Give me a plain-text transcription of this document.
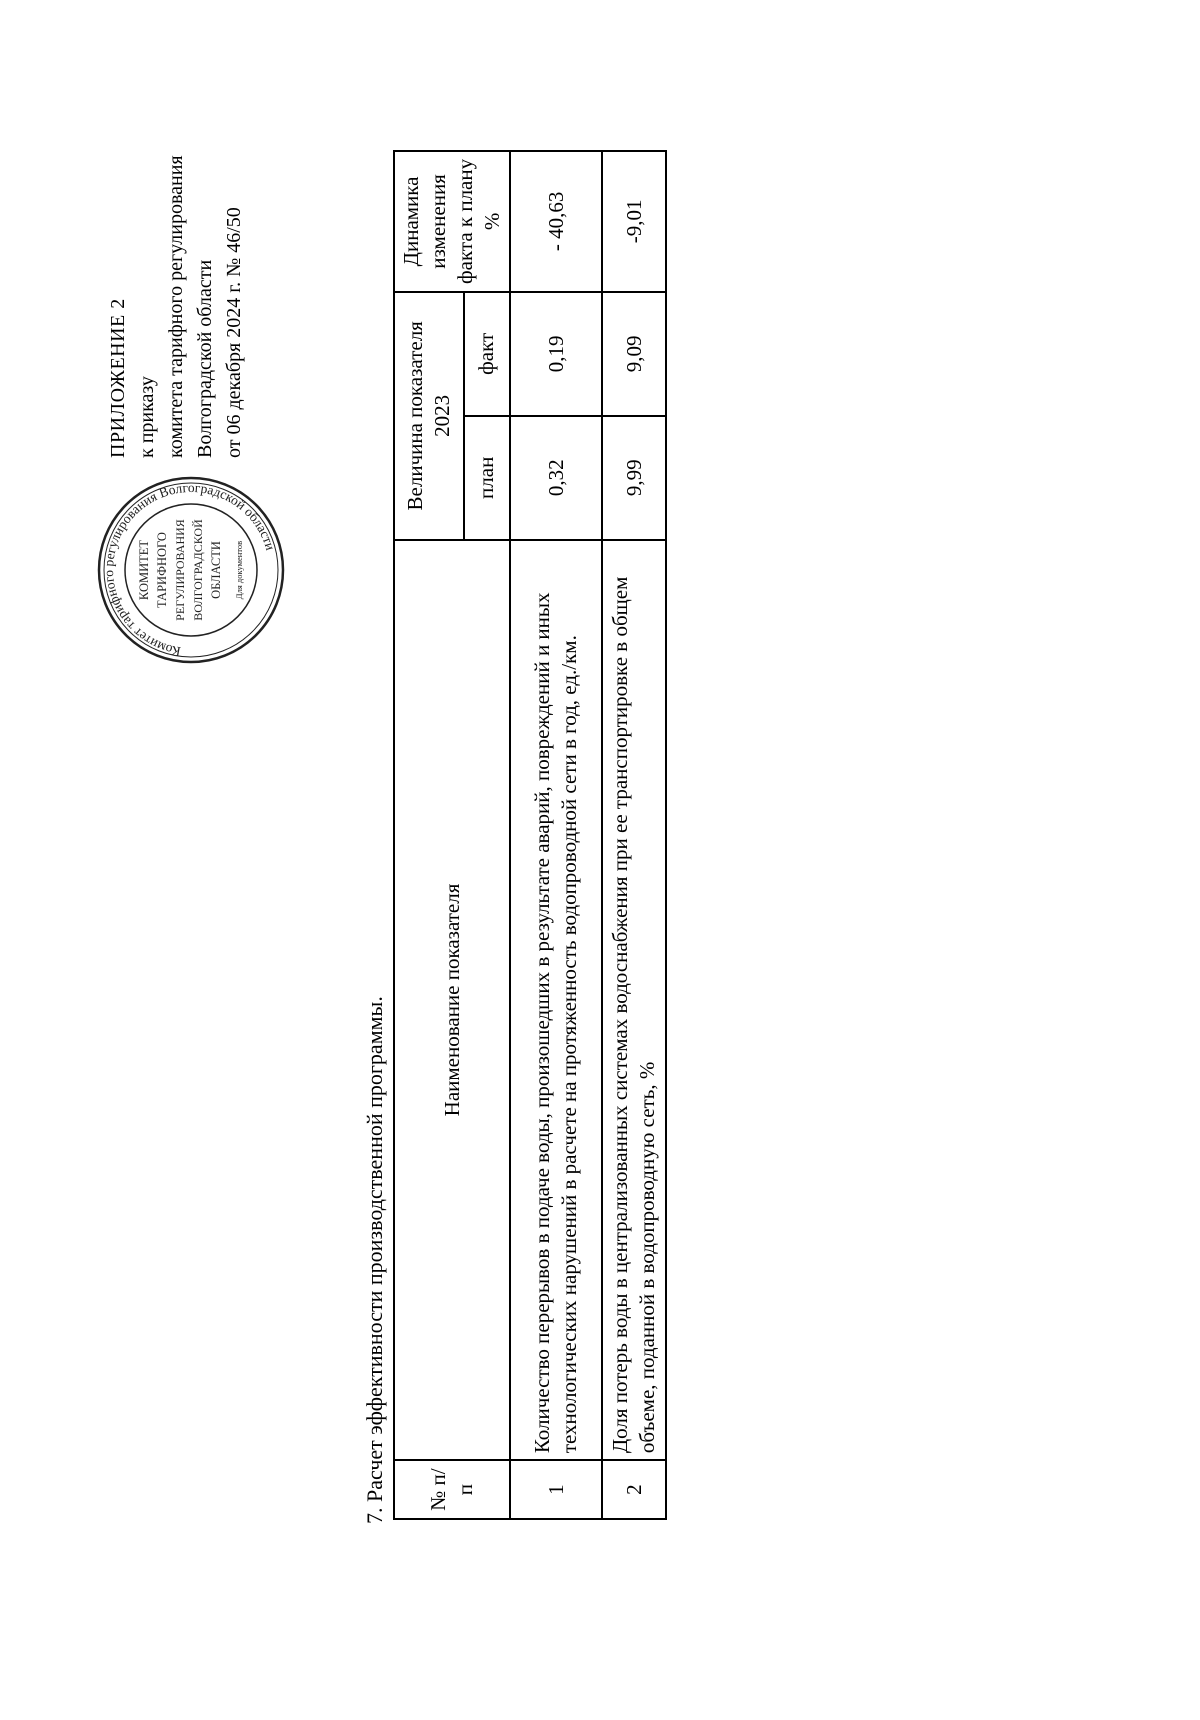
ПРИЛОЖЕНИЕ 2 к приказу комитета тарифного регулирования Волгоградской области от 06 декабря 2024 г. № 46/50
Комитет тарифного регулирования Волгоградской области
КОМИТЕТ ТАРИФНОГО РЕГУЛИРОВАНИЯ ВОЛГОГРАДСКОЙ ОБЛАСТИ Для документов
7. Расчет эффективности производственной программы. № п/п	Наименование показателя	Величина показателя 2023		Динамика изменения факта к плану %
		план	факт	
1	Количество перерывов в подаче воды, произошедших в результате аварий, повреждений и иных технологических нарушений в расчете на протяженность водопроводной сети в год, ед./км.	0,32	0,19	- 40,63
2	Доля потерь воды в централизованных системах водоснабжения при ее транспортировке в общем объеме, поданной в водопроводную сеть, %	9,99	9,09	-9,01
